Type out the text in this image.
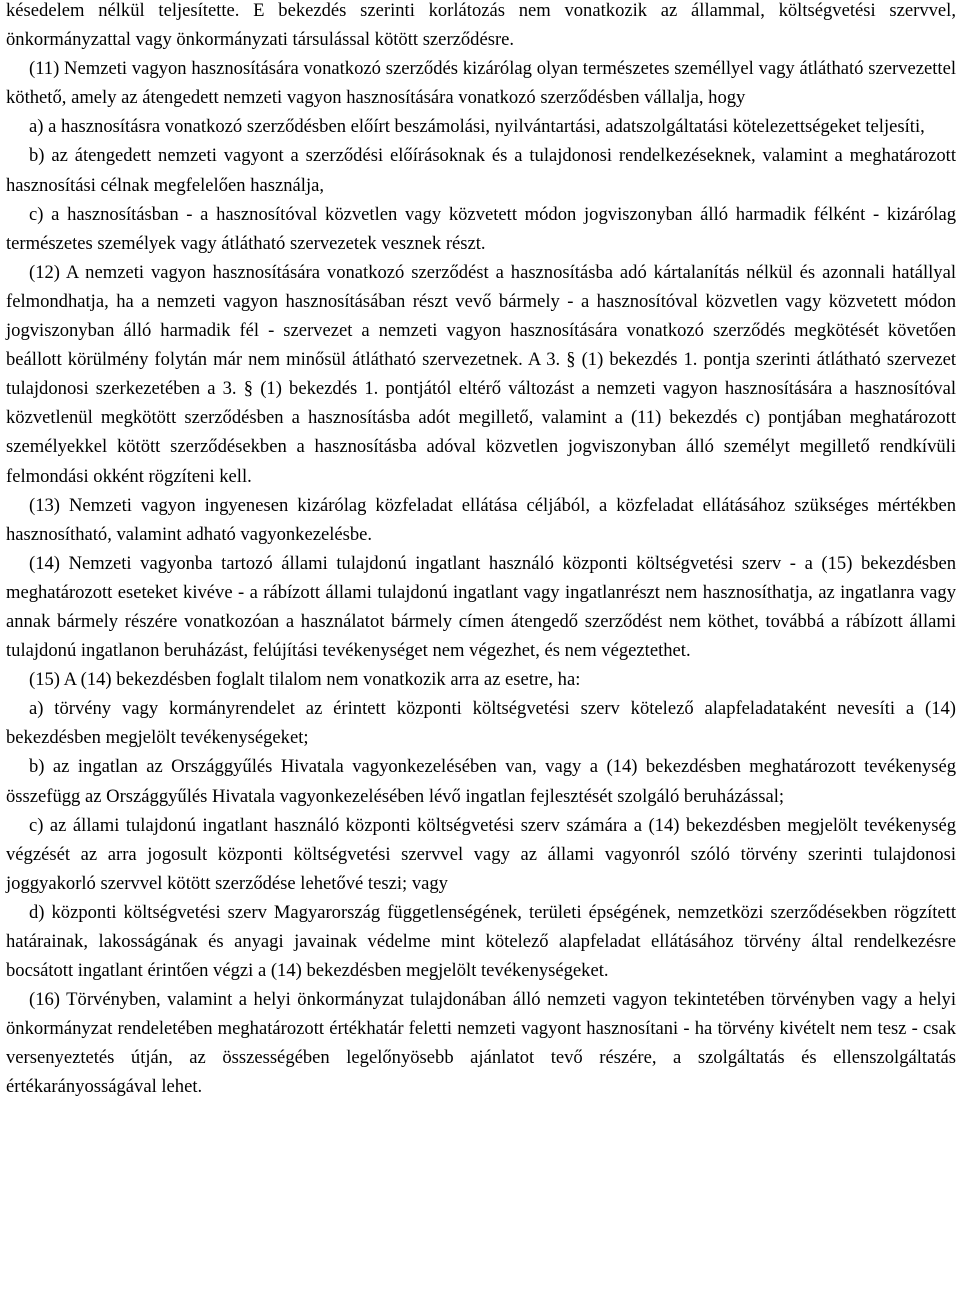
késedelem nélkül teljesítette. E bekezdés szerinti korlátozás nem vonatkozik az állammal, költségvetési szervvel, önkormányzattal vagy önkormányzati társulással kötött szerződésre.

(11) Nemzeti vagyon hasznosítására vonatkozó szerződés kizárólag olyan természetes személlyel vagy átlátható szervezettel köthető, amely az átengedett nemzeti vagyon hasznosítására vonatkozó szerződésben vállalja, hogy

a) a hasznosításra vonatkozó szerződésben előírt beszámolási, nyilvántartási, adatszolgáltatási kötelezettségeket teljesíti,

b) az átengedett nemzeti vagyont a szerződési előírásoknak és a tulajdonosi rendelkezéseknek, valamint a meghatározott hasznosítási célnak megfelelően használja,

c) a hasznosításban - a hasznosítóval közvetlen vagy közvetett módon jogviszonyban álló harmadik félként - kizárólag természetes személyek vagy átlátható szervezetek vesznek részt.

(12) A nemzeti vagyon hasznosítására vonatkozó szerződést a hasznosításba adó kártalanítás nélkül és azonnali hatállyal felmondhatja, ha a nemzeti vagyon hasznosításában részt vevő bármely - a hasznosítóval közvetlen vagy közvetett módon jogviszonyban álló harmadik fél - szervezet a nemzeti vagyon hasznosítására vonatkozó szerződés megkötését követően beállott körülmény folytán már nem minősül átlátható szervezetnek. A 3. § (1) bekezdés 1. pontja szerinti átlátható szervezet tulajdonosi szerkezetében a 3. § (1) bekezdés 1. pontjától eltérő változást a nemzeti vagyon hasznosítására a hasznosítóval közvetlenül megkötött szerződésben a hasznosításba adót megillető, valamint a (11) bekezdés c) pontjában meghatározott személyekkel kötött szerződésekben a hasznosításba adóval közvetlen jogviszonyban álló személyt megillető rendkívüli felmondási okként rögzíteni kell.

(13) Nemzeti vagyon ingyenesen kizárólag közfeladat ellátása céljából, a közfeladat ellátásához szükséges mértékben hasznosítható, valamint adható vagyonkezelésbe.

(14) Nemzeti vagyonba tartozó állami tulajdonú ingatlant használó központi költségvetési szerv - a (15) bekezdésben meghatározott eseteket kivéve - a rábízott állami tulajdonú ingatlant vagy ingatlanrészt nem hasznosíthatja, az ingatlanra vagy annak bármely részére vonatkozóan a használatot bármely címen átengedő szerződést nem köthet, továbbá a rábízott állami tulajdonú ingatlanon beruházást, felújítási tevékenységet nem végezhet, és nem végeztethet.

(15) A (14) bekezdésben foglalt tilalom nem vonatkozik arra az esetre, ha:

a) törvény vagy kormányrendelet az érintett központi költségvetési szerv kötelező alapfeladataként nevesíti a (14) bekezdésben megjelölt tevékenységeket;

b) az ingatlan az Országgyűlés Hivatala vagyonkezelésében van, vagy a (14) bekezdésben meghatározott tevékenység összefügg az Országgyűlés Hivatala vagyonkezelésében lévő ingatlan fejlesztését szolgáló beruházással;

c) az állami tulajdonú ingatlant használó központi költségvetési szerv számára a (14) bekezdésben megjelölt tevékenység végzését az arra jogosult központi költségvetési szervvel vagy az állami vagyonról szóló törvény szerinti tulajdonosi joggyakorló szervvel kötött szerződése lehetővé teszi; vagy

d) központi költségvetési szerv Magyarország függetlenségének, területi épségének, nemzetközi szerződésekben rögzített határainak, lakosságának és anyagi javainak védelme mint kötelező alapfeladat ellátásához törvény által rendelkezésre bocsátott ingatlant érintően végzi a (14) bekezdésben megjelölt tevékenységeket.

(16) Törvényben, valamint a helyi önkormányzat tulajdonában álló nemzeti vagyon tekintetében törvényben vagy a helyi önkormányzat rendeletében meghatározott értékhatár feletti nemzeti vagyont hasznosítani - ha törvény kivételt nem tesz - csak versenyeztetés útján, az összességében legelőnyösebb ajánlatot tevő részére, a szolgáltatás és ellenszolgáltatás értékarányosságával lehet.
